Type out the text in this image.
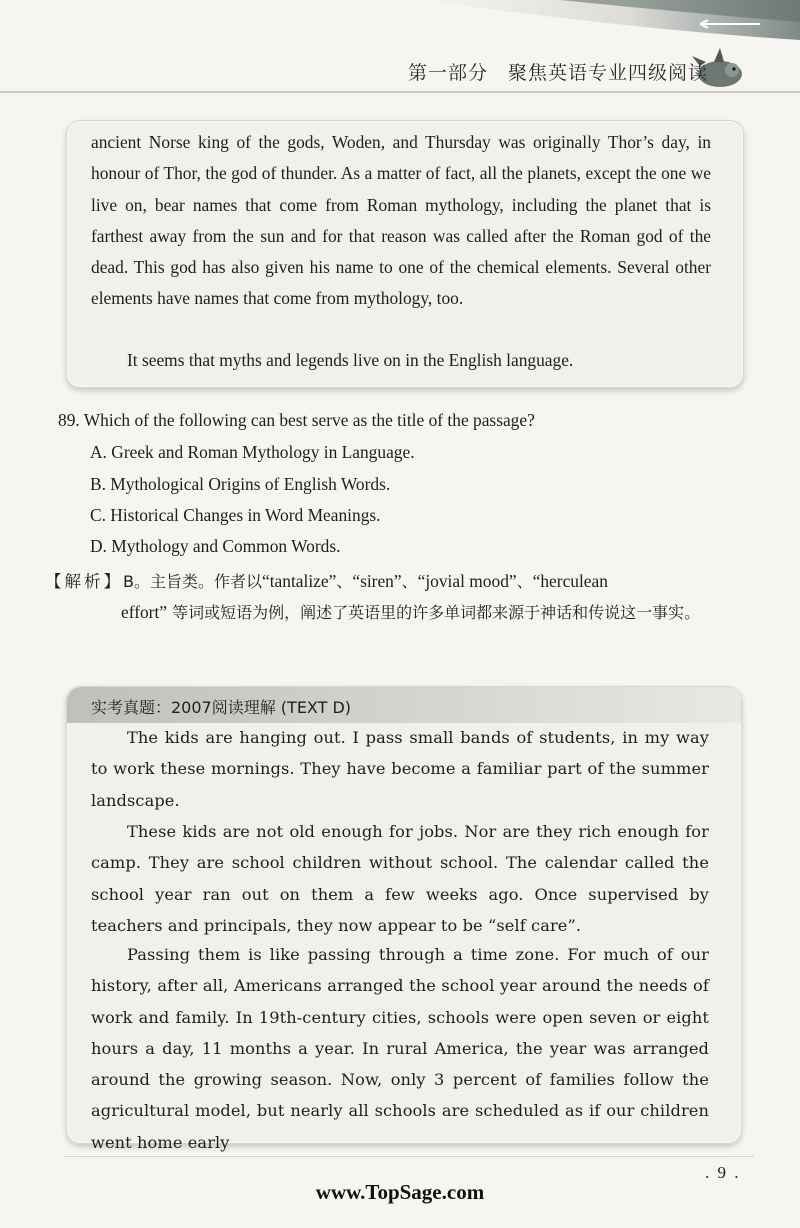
第一部分　聚焦英语专业四级阅读

ancient Norse king of the gods, Woden, and Thursday was originally Thor’s day, in honour of Thor, the god of thunder. As a matter of fact, all the planets, except the one we live on, bear names that come from Roman mythology, including the planet that is farthest away from the sun and for that reason was called after the Roman god of the dead. This god has also given his name to one of the chemical elements. Several other elements have names that come from mythology, too.

It seems that myths and legends live on in the English language.

89. Which of the following can best serve as the title of the passage?

A. Greek and Roman Mythology in Language.

B. Mythological Origins of English Words.

C. Historical Changes in Word Meanings.

D. Mythology and Common Words.

【解析】B。主旨类。作者以“tantalize”、“siren”、“jovial mood”、“herculean
effort” 等词或短语为例，阐述了英语里的许多单词都来源于神话和传说这一事实。
实考真题：2007阅读理解 (TEXT D)

The kids are hanging out. I pass small bands of students, in my way to work these mornings. They have become a familiar part of the summer landscape.

These kids are not old enough for jobs. Nor are they rich enough for camp. They are school children without school. The calendar called the school year ran out on them a few weeks ago. Once supervised by teachers and principals, they now appear to be “self care”.

Passing them is like passing through a time zone. For much of our history, after all, Americans arranged the school year around the needs of work and family. In 19th-century cities, schools were open seven or eight hours a day, 11 months a year. In rural America, the year was arranged around the growing season. Now, only 3 percent of families follow the agricultural model, but nearly all schools are scheduled as if our children went home early

. 9 .
www.TopSage.com
